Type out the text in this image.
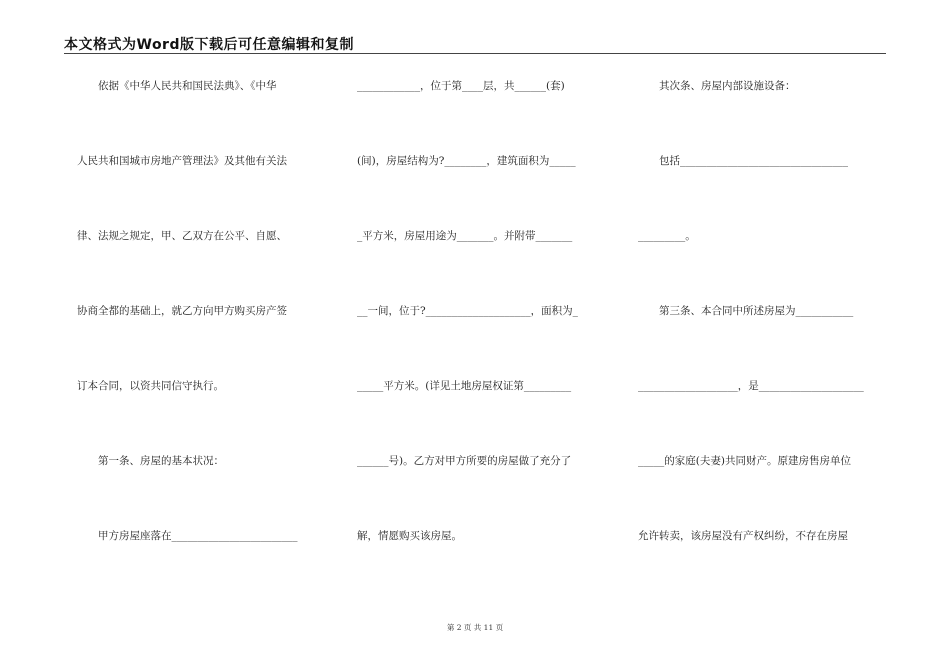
本文格式为Word版下载后可任意编辑和复制
　　依据《中华人民共和国民法典》、《中华
人民共和国城市房地产管理法》及其他有关法
律、法规之规定，甲、乙双方在公平、自愿、
协商全都的基础上，就乙方向甲方购买房产签
订本合同，以资共同信守执行。
　　第一条、房屋的基本状况：
　　甲方房屋座落在________________________
____________，位于第____层，共______(套)
(间)，房屋结构为?________，建筑面积为_____
_平方米，房屋用途为_______。并附带_______
__一间，位于?____________________，面积为_
_____平方米。(详见土地房屋权证第_________
______号)。乙方对甲方所要的房屋做了充分了
解，情愿购买该房屋。
　　其次条、房屋内部设施设备：
　　包括________________________________
_________。
　　第三条、本合同中所述房屋为___________
___________________，是____________________
_____的家庭(夫妻)共同财产。原建房售房单位
允许转卖，该房屋没有产权纠纷，不存在房屋
第 2 页 共 11 页
